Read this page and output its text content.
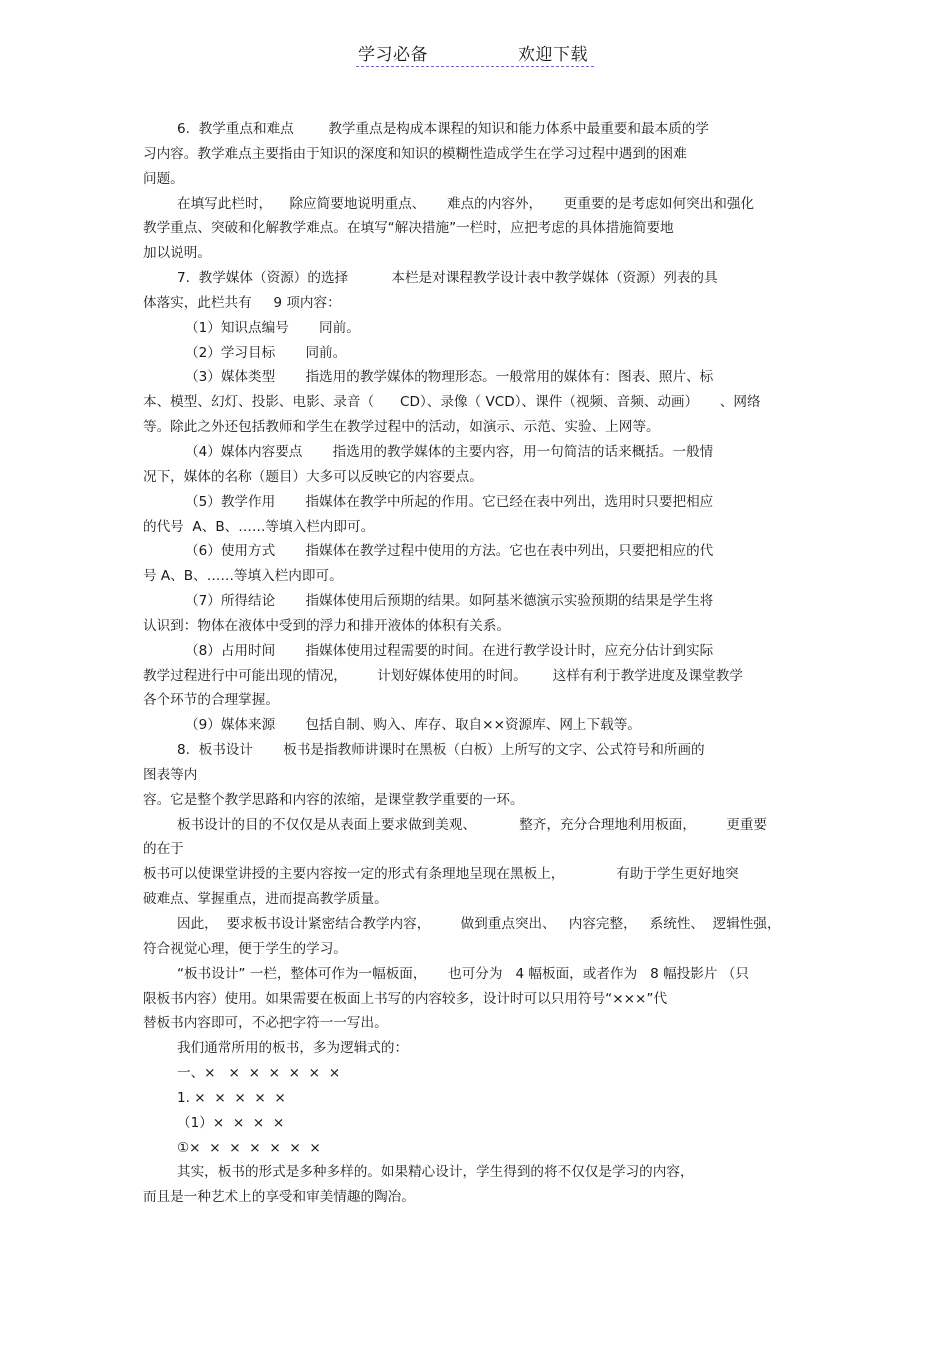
学习必备	欢迎下载
6.  教学重点和难点        教学重点是构成本课程的知识和能力体系中最重要和最本质的学
习内容。教学难点主要指由于知识的深度和知识的模糊性造成学生在学习过程中遇到的困难
问题。
在填写此栏时，    除应简要地说明重点、     难点的内容外，     更重要的是考虑如何突出和强化
教学重点、突破和化解教学难点。在填写“解决措施”一栏时，应把考虑的具体措施简要地
加以说明。
7.  教学媒体（资源）的选择          本栏是对课程教学设计表中教学媒体（资源）列表的具
体落实，此栏共有     9 项内容：
（1）知识点编号       同前。
（2）学习目标       同前。
（3）媒体类型       指选用的教学媒体的物理形态。一般常用的媒体有：图表、照片、标
本、模型、幻灯、投影、电影、录音（      CD）、录像（ VCD）、课件（视频、音频、动画）     、网络
等。除此之外还包括教师和学生在教学过程中的活动，如演示、示范、实验、上网等。
（4）媒体内容要点       指选用的教学媒体的主要内容，用一句简洁的话来概括。一般情
况下，媒体的名称（题目）大多可以反映它的内容要点。
（5）教学作用       指媒体在教学中所起的作用。它已经在表中列出，选用时只要把相应
的代号  A、B、……等填入栏内即可。
（6）使用方式       指媒体在教学过程中使用的方法。它也在表中列出，只要把相应的代
号 A、B、……等填入栏内即可。
（7）所得结论       指媒体使用后预期的结果。如阿基米德演示实验预期的结果是学生将
认识到：物体在液体中受到的浮力和排开液体的体积有关系。
（8）占用时间       指媒体使用过程需要的时间。在进行教学设计时，应充分估计到实际
教学过程进行中可能出现的情况，       计划好媒体使用的时间。      这样有利于教学进度及课堂教学
各个环节的合理掌握。
（9）媒体来源       包括自制、购入、库存、取自××资源库、网上下载等。
8.  板书设计       板书是指教师讲课时在黑板（白板）上所写的文字、公式符号和所画的
图表等内
容。它是整个教学思路和内容的浓缩，是课堂教学重要的一环。
板书设计的目的不仅仅是从表面上要求做到美观、          整齐，充分合理地利用板面，       更重要
的在于
板书可以使课堂讲授的主要内容按一定的形式有条理地呈现在黑板上，            有助于学生更好地突
破难点、掌握重点，进而提高教学质量。
因此，  要求板书设计紧密结合教学内容，       做到重点突出、   内容完整，   系统性、  逻辑性强，
符合视觉心理，便于学生的学习。
“板书设计” 一栏，整体可作为一幅板面，     也可分为   4 幅板面，或者作为   8 幅投影片 （只
限板书内容）使用。如果需要在板面上书写的内容较多，设计时可以只用符号“×××”代
替板书内容即可，不必把字符一一写出。
我们通常所用的板书，多为逻辑式的：
一、×   ×  ×  ×  ×  ×  ×
1. ×  ×  ×  ×  ×
（1）×  ×  ×  ×
①×  ×  ×  ×  ×  ×  ×
其实，板书的形式是多种多样的。如果精心设计，学生得到的将不仅仅是学习的内容，
而且是一种艺术上的享受和审美情趣的陶冶。
